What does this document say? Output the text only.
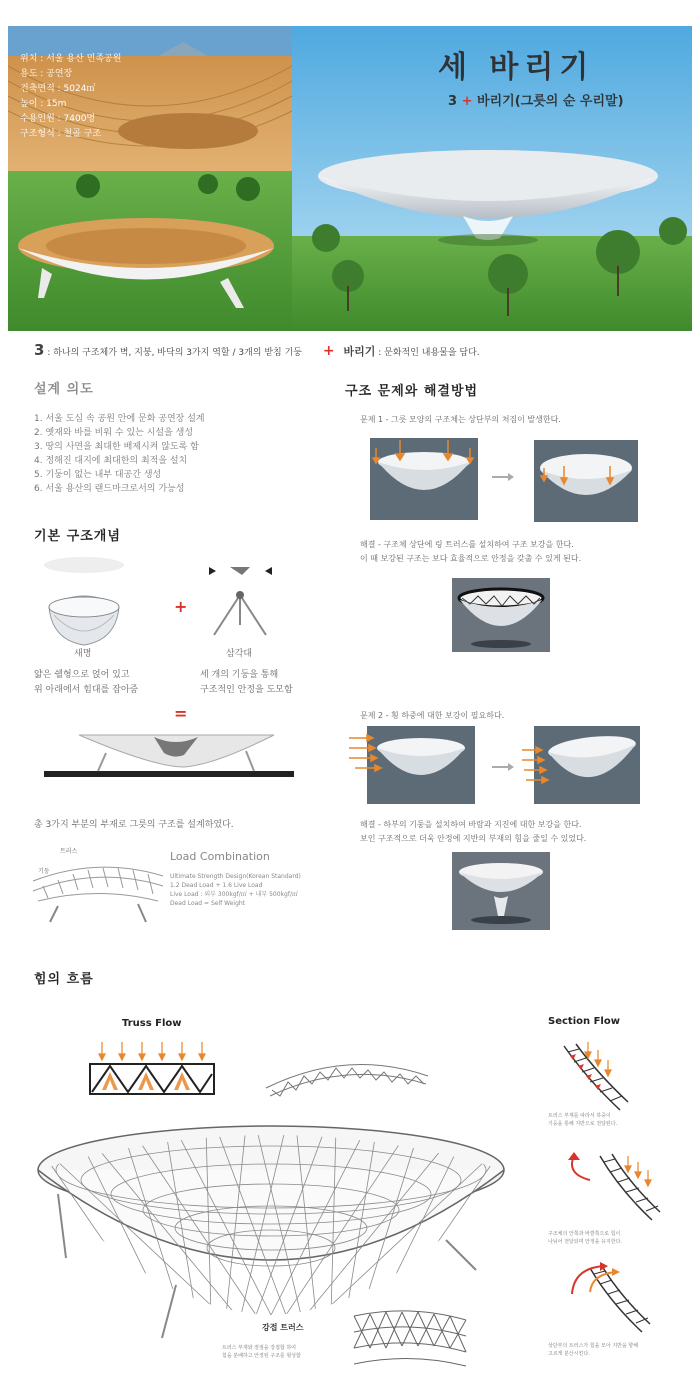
위치 : 서울 용산 민족공원
용도 : 공연장
건축면적 : 5024㎡
높이 : 15m
수용인원 : 7400명
구조형식 : 철골 구조
세 바리기
3 + 바리기(그릇의 순 우리말)
3 : 하나의 구조체가 벽, 지붕, 바닥의 3가지 역할 / 3개의 받침 기둥 + 바리기 : 문화적인 내용물을 담다.
설계 의도
1. 서울 도심 속 공원 안에 문화 공연장 설계
2. 옛재와 바를 비워 수 있는 시설을 생성
3. 땅의 사면을 최대한 배제시켜 않도록 함
4. 정해진 대지에 최대한의 최적을 설치
5. 기둥이 없는 내부 대공간 생성
6. 서울 용산의 랜드마크로서의 가능성
기본 구조개념
+
=
새명	삼각대
얇은 쉘형으로 얹어 있고
위 아래에서 힘대를 잡아줌
세 개의 기둥을 통해
구조적인 안정을 도모함
총 3가지 부분의 부재로 그릇의 구조를 설계하였다.
트러스
기둥
Load Combination
Ultimate Strength Design(Korean Standard)
1.2 Dead Load + 1.6 Live Load
Live Load : 외부 300kgf/㎡ + 내부 500kgf/㎡
Dead Load = Self Weight
구조 문제와 해결방법
문제 1 - 그릇 모양의 구조체는 상단부의 처짐이 발생한다.
해결 - 구조체 상단에 링 트러스를 설치하여 구조 보강을 한다.
이 때 보강된 구조는 보다 효율적으로 안정을 갖출 수 있게 된다.
문제 2 - 횡 하중에 대한 보강이 필요하다.
해결 - 하부의 기둥을 설치하여 바람과 지진에 대한 보강을 한다.
보인 구조적으로 더욱 안정에 지반의 부재의 힘을 줄일 수 있었다.
힘의 흐름
Truss Flow	Section Flow
트러스 부재를 따라서 하중이
기둥을 통해 지반으로 전달된다.
구조체의 안쪽과 바깥쪽으로 힘이
나뉘어 전달되며 안정을 유지한다.
상단부의 트러스가 힘을 모아 지반을 향해
고르게 분산시킨다.
강접 트러스
트러스 부재와 절점을 강접합 하여
힘을 분배하고 안정된 구조를 형성함
